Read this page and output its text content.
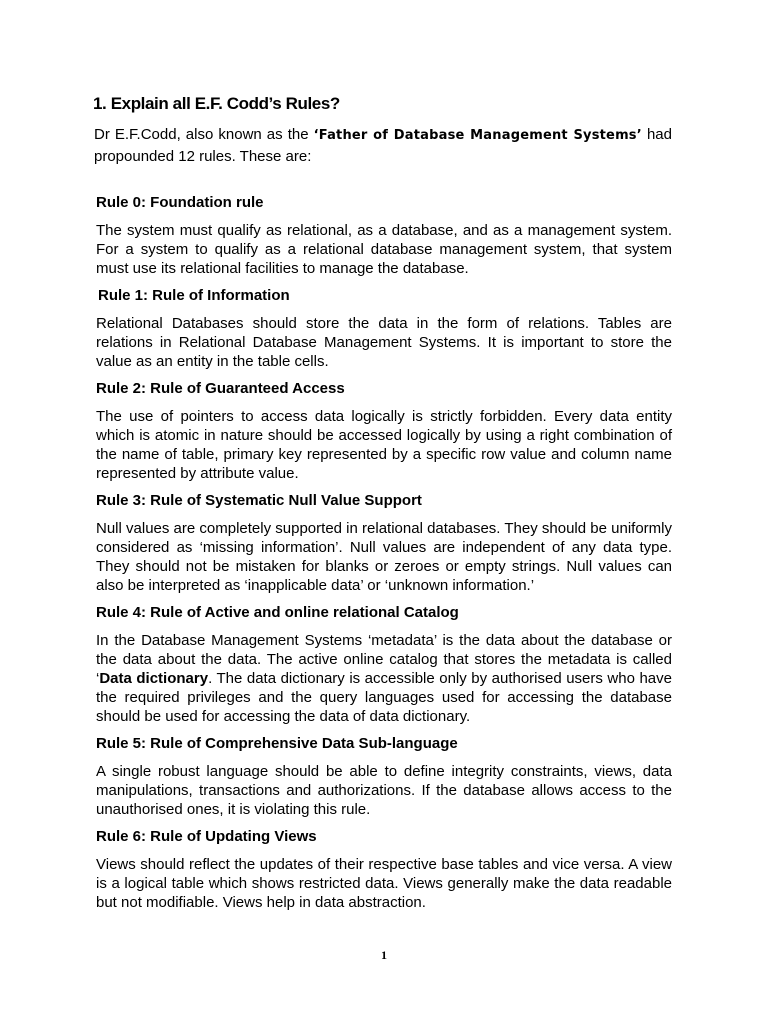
1. Explain all E.F. Codd’s Rules?

Dr E.F.Codd, also known as the ‘Father of Database Management Systems’ had propounded 12 rules. These are:

Rule 0: Foundation rule

The system must qualify as relational, as a database, and as a management system. For a system to qualify as a relational database management system, that system must use its relational facilities to manage the database.

Rule 1: Rule of Information

Relational Databases should store the data in the form of relations. Tables are relations in Relational Database Management Systems. It is important to store the value as an entity in the table cells.

Rule 2: Rule of Guaranteed Access

The use of pointers to access data logically is strictly forbidden. Every data entity which is atomic in nature should be accessed logically by using a right combination of the name of table, primary key represented by a specific row value and column name represented by attribute value.

Rule 3: Rule of Systematic Null Value Support

Null values are completely supported in relational databases. They should be uniformly considered as ‘missing information’. Null values are independent of any data type. They should not be mistaken for blanks or zeroes or empty strings. Null values can also be interpreted as ‘inapplicable data’ or ‘unknown information.’

Rule 4: Rule of Active and online relational Catalog

In the Database Management Systems ‘metadata’ is the data about the database or the data about the data. The active online catalog that stores the metadata is called ‘Data dictionary. The data dictionary is accessible only by authorised users who have the required privileges and the query languages used for accessing the database should be used for accessing the data of data dictionary.

Rule 5: Rule of Comprehensive Data Sub-language

A single robust language should be able to define integrity constraints, views, data manipulations, transactions and authorizations. If the database allows access to the unauthorised ones, it is violating this rule.

Rule 6: Rule of Updating Views

Views should reflect the updates of their respective base tables and vice versa. A view is a logical table which shows restricted data. Views generally make the data readable but not modifiable. Views help in data abstraction.

1
